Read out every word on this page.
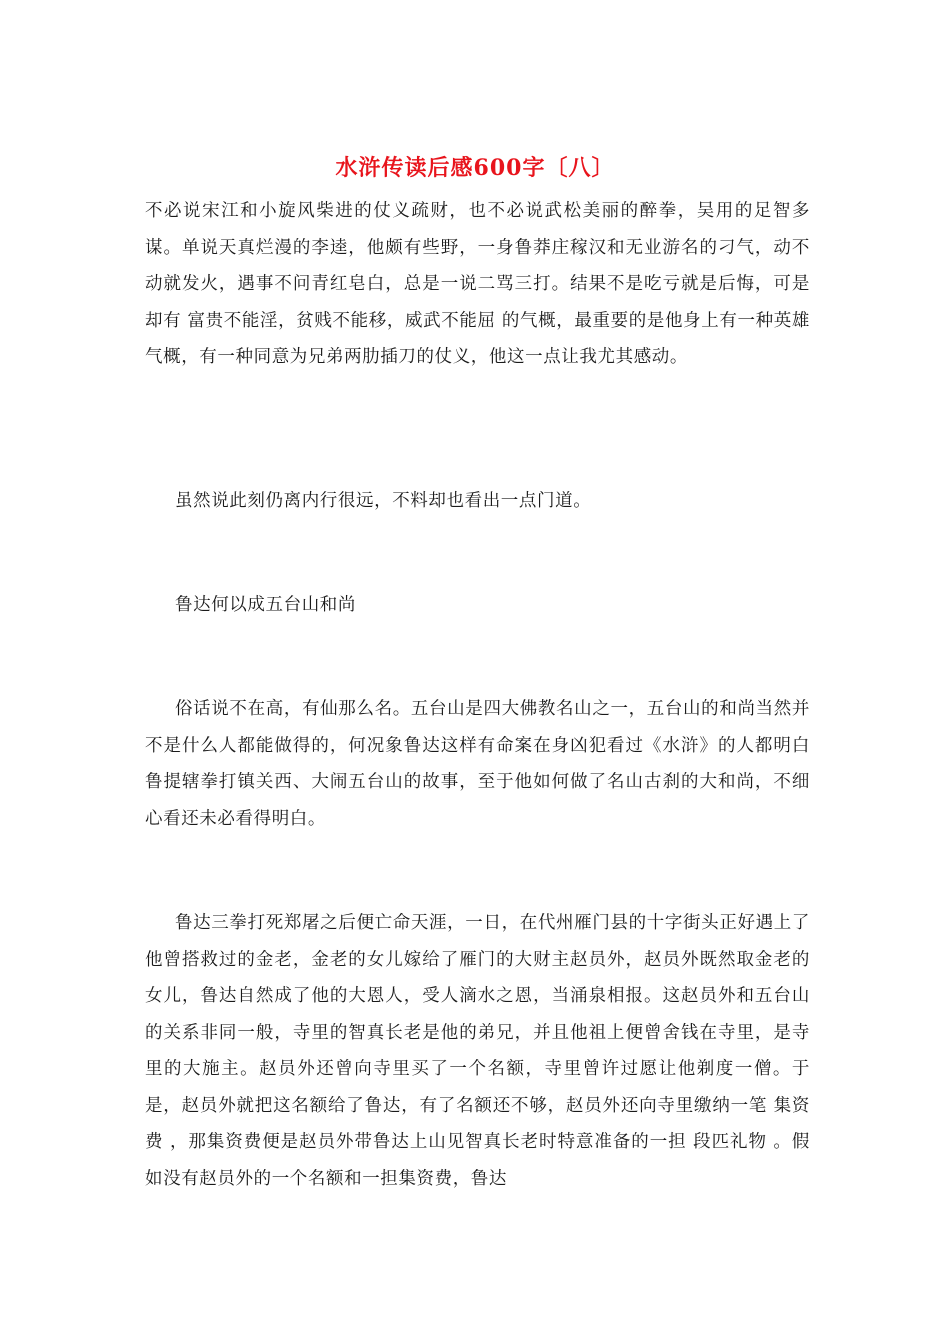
水浒传读后感600字〔八〕

不必说宋江和小旋风柴进的仗义疏财，也不必说武松美丽的醉拳，吴用的足智多谋。单说天真烂漫的李逵，他颇有些野，一身鲁莽庄稼汉和无业游名的刁气，动不动就发火，遇事不问青红皂白，总是一说二骂三打。结果不是吃亏就是后悔，可是却有 富贵不能淫，贫贱不能移，威武不能屈 的气概，最重要的是他身上有一种英雄气概，有一种同意为兄弟两肋插刀的仗义，他这一点让我尤其感动。

虽然说此刻仍离内行很远，不料却也看出一点门道。

鲁达何以成五台山和尚

俗话说不在高，有仙那么名。五台山是四大佛教名山之一，五台山的和尚当然并不是什么人都能做得的，何况象鲁达这样有命案在身凶犯看过《水浒》的人都明白鲁提辖拳打镇关西、大闹五台山的故事，至于他如何做了名山古刹的大和尚，不细心看还未必看得明白。

鲁达三拳打死郑屠之后便亡命天涯，一日，在代州雁门县的十字街头正好遇上了他曾搭救过的金老，金老的女儿嫁给了雁门的大财主赵员外，赵员外既然取金老的女儿，鲁达自然成了他的大恩人，受人滴水之恩，当涌泉相报。这赵员外和五台山的关系非同一般，寺里的智真长老是他的弟兄，并且他祖上便曾舍钱在寺里，是寺里的大施主。赵员外还曾向寺里买了一个名额，寺里曾许过愿让他剃度一僧。于是，赵员外就把这名额给了鲁达，有了名额还不够，赵员外还向寺里缴纳一笔 集资费 ，那集资费便是赵员外带鲁达上山见智真长老时特意准备的一担 段匹礼物 。假如没有赵员外的一个名额和一担集资费，鲁达
